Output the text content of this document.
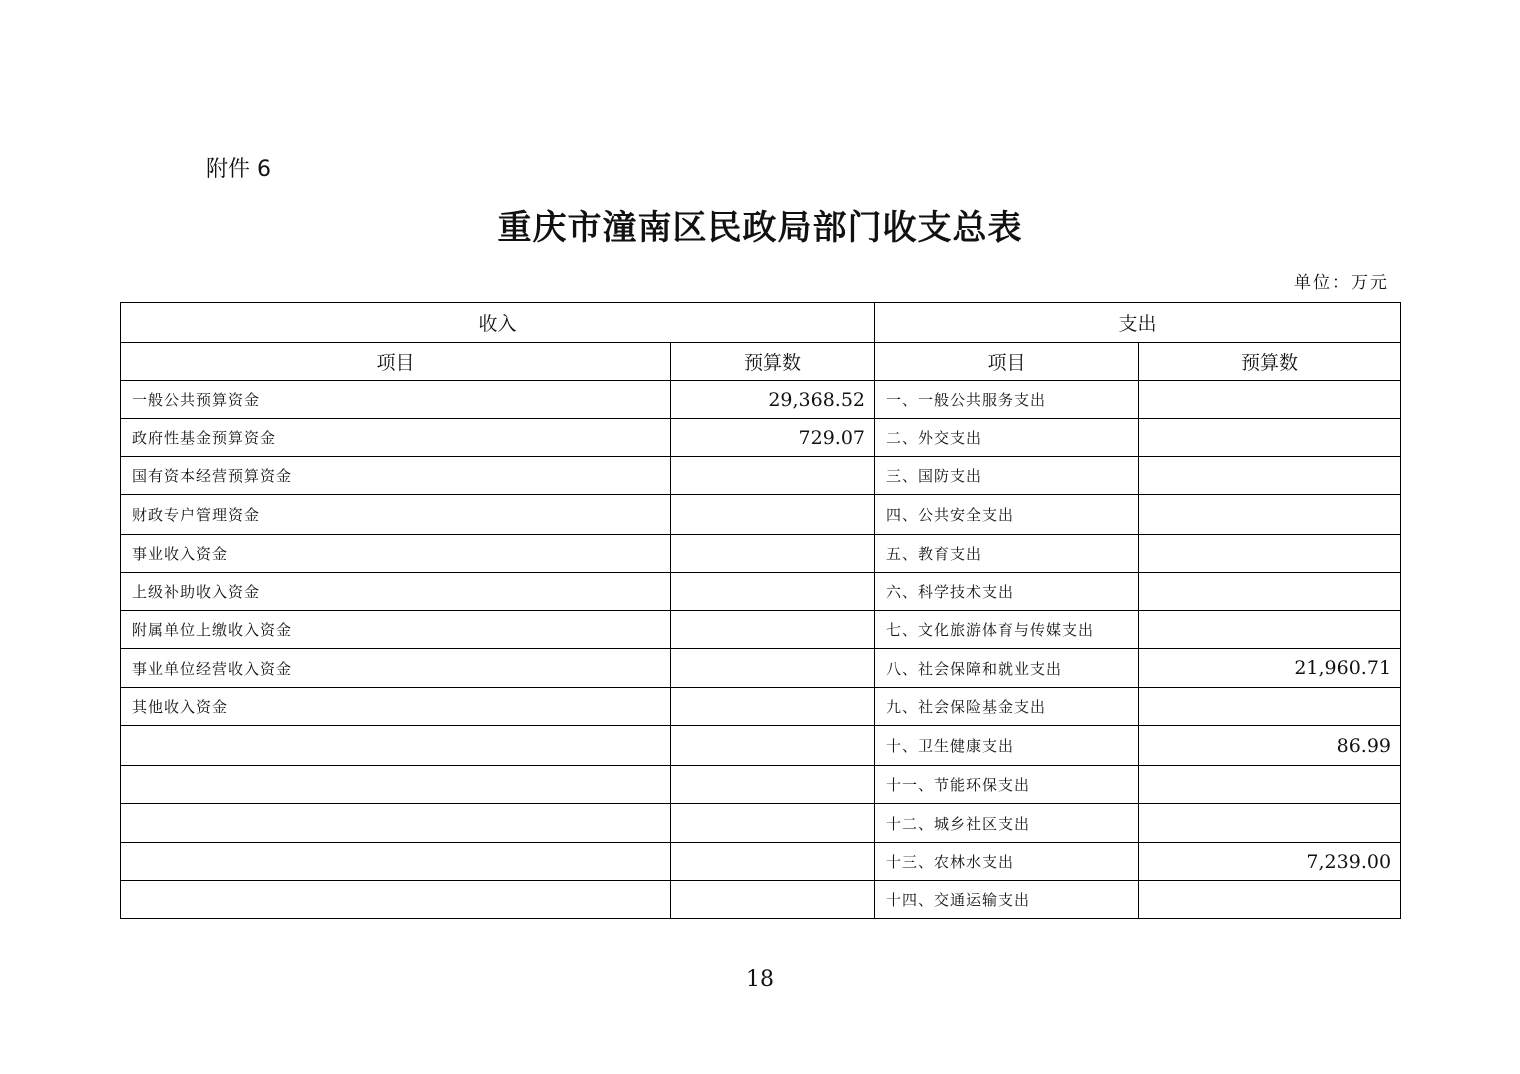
附件 6
重庆市潼南区民政局部门收支总表
单位：万元
收入		支出	
项目	预算数	项目	预算数
一般公共预算资金	29,368.52	一、一般公共服务支出	
政府性基金预算资金	729.07	二、外交支出	
国有资本经营预算资金		三、国防支出	
财政专户管理资金		四、公共安全支出	
事业收入资金		五、教育支出	
上级补助收入资金		六、科学技术支出	
附属单位上缴收入资金		七、文化旅游体育与传媒支出	
事业单位经营收入资金		八、社会保障和就业支出	21,960.71
其他收入资金		九、社会保险基金支出	
		十、卫生健康支出	86.99
		十一、节能环保支出	
		十二、城乡社区支出	
		十三、农林水支出	7,239.00
		十四、交通运输支出	
18
